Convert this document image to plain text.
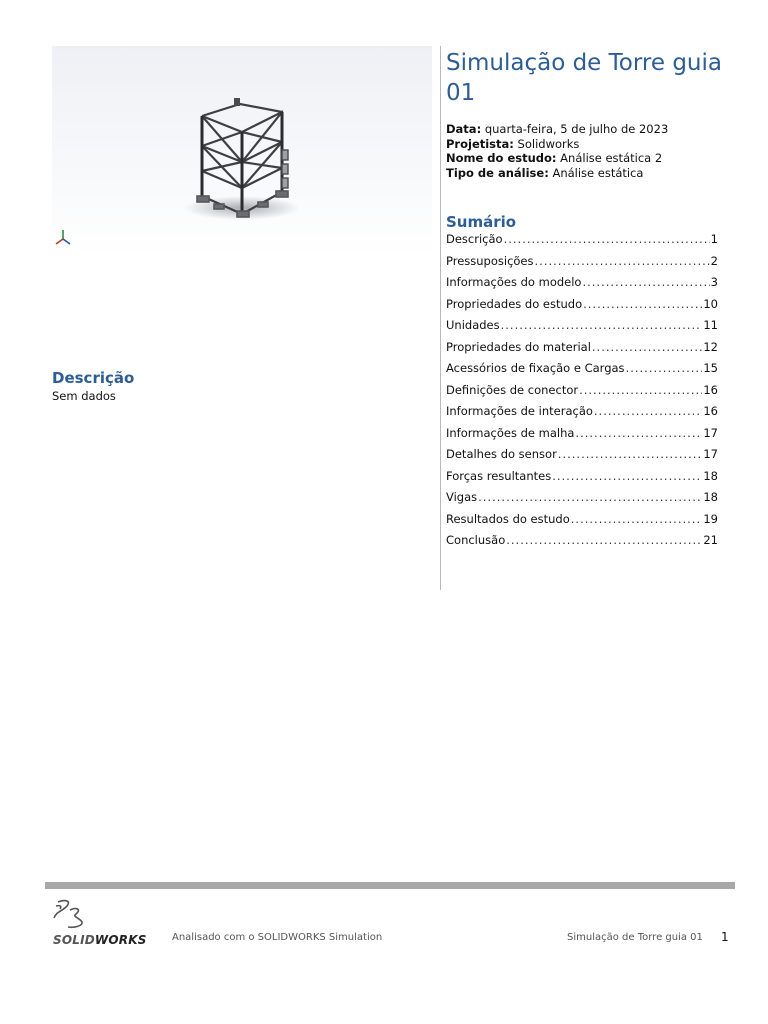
Simulação de Torre guia 01
Data: quarta-feira, 5 de julho de 2023
Projetista: Solidworks
Nome do estudo: Análise estática 2
Tipo de análise: Análise estática
Sumário
Descrição .....	1
Pressuposições .....	2
Informações do modelo .....	3
Propriedades do estudo .....	10
Unidades .....	11
Propriedades do material .....	12
Acessórios de fixação e Cargas .....	15
Definições de conector .....	16
Informações de interação .....	16
Informações de malha .....	17
Detalhes do sensor .....	17
Forças resultantes .....	18
Vigas .....	18
Resultados do estudo .....	19
Conclusão .....	21
Descrição
Sem dados
SOLIDWORKS	Analisado com o SOLIDWORKS Simulation	Simulação de Torre guia 01 1
